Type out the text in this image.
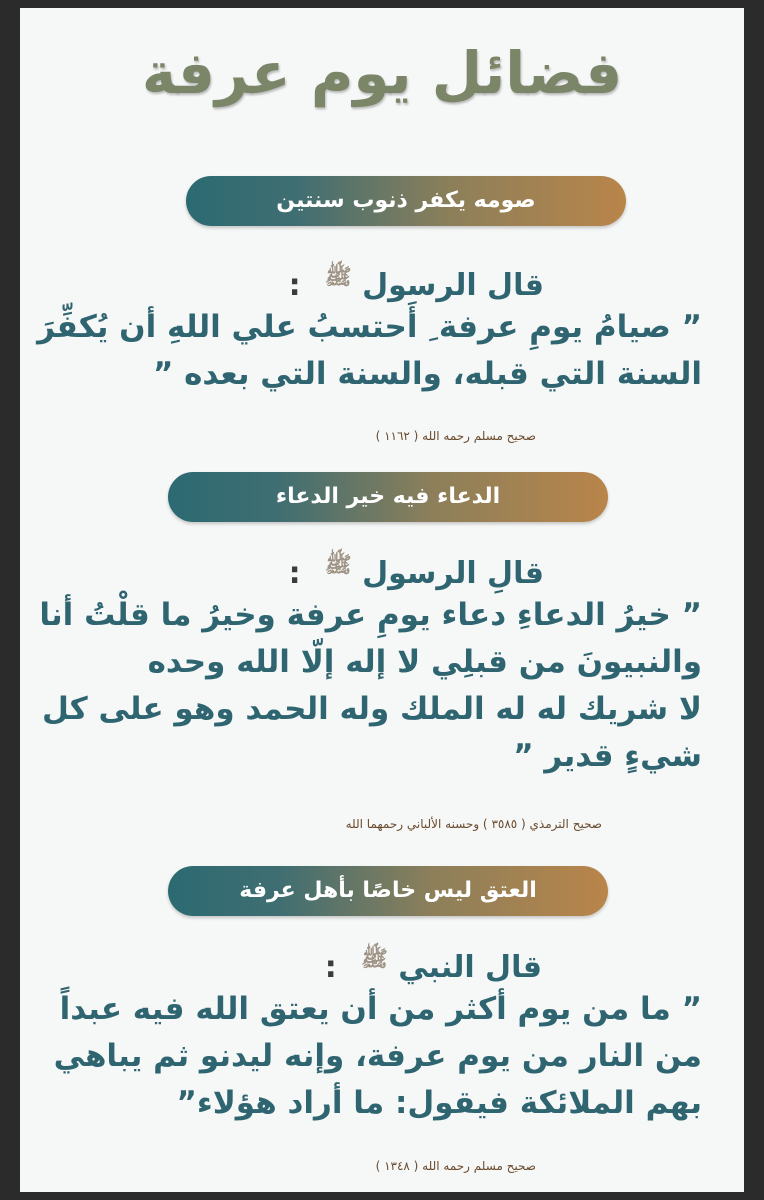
فضائل يوم عرفة
صومه يكفر ذنوب سنتين
قال الرسول $^ﷺ$ :
” صيامُ يومِ عرفة ِ أَحتسبُ علي اللهِ أن يُكفِّرَ
السنة التي قبله، والسنة التي بعده ”
صحيح مسلم رحمه الله ( ١١٦٢ )
الدعاء فيه خير الدعاء
قالِ الرسول $^ﷺ$ :
” خيرُ الدعاءِ دعاء يومِ عرفة وخيرُ ما قلْتُ أنا
والنبيونَ من قبلِي لا إله إلّا الله وحده
لا شريك له له الملك وله الحمد وهو على كل
شيءٍ قدير ”
صحيح الترمذي ( ٣٥٨٥ ) وحسنه الألباني رحمهما الله
العتق ليس خاصًا بأهل عرفة
قال النبي $^ﷺ$ :
” ما من يوم أكثر من أن يعتق الله فيه عبداً
من النار من يوم عرفة، وإنه ليدنو ثم يباهي
بهم الملائكة فيقول: ما أراد هؤلاء”
صحيح مسلم رحمه الله ( ١٣٤٨ )
